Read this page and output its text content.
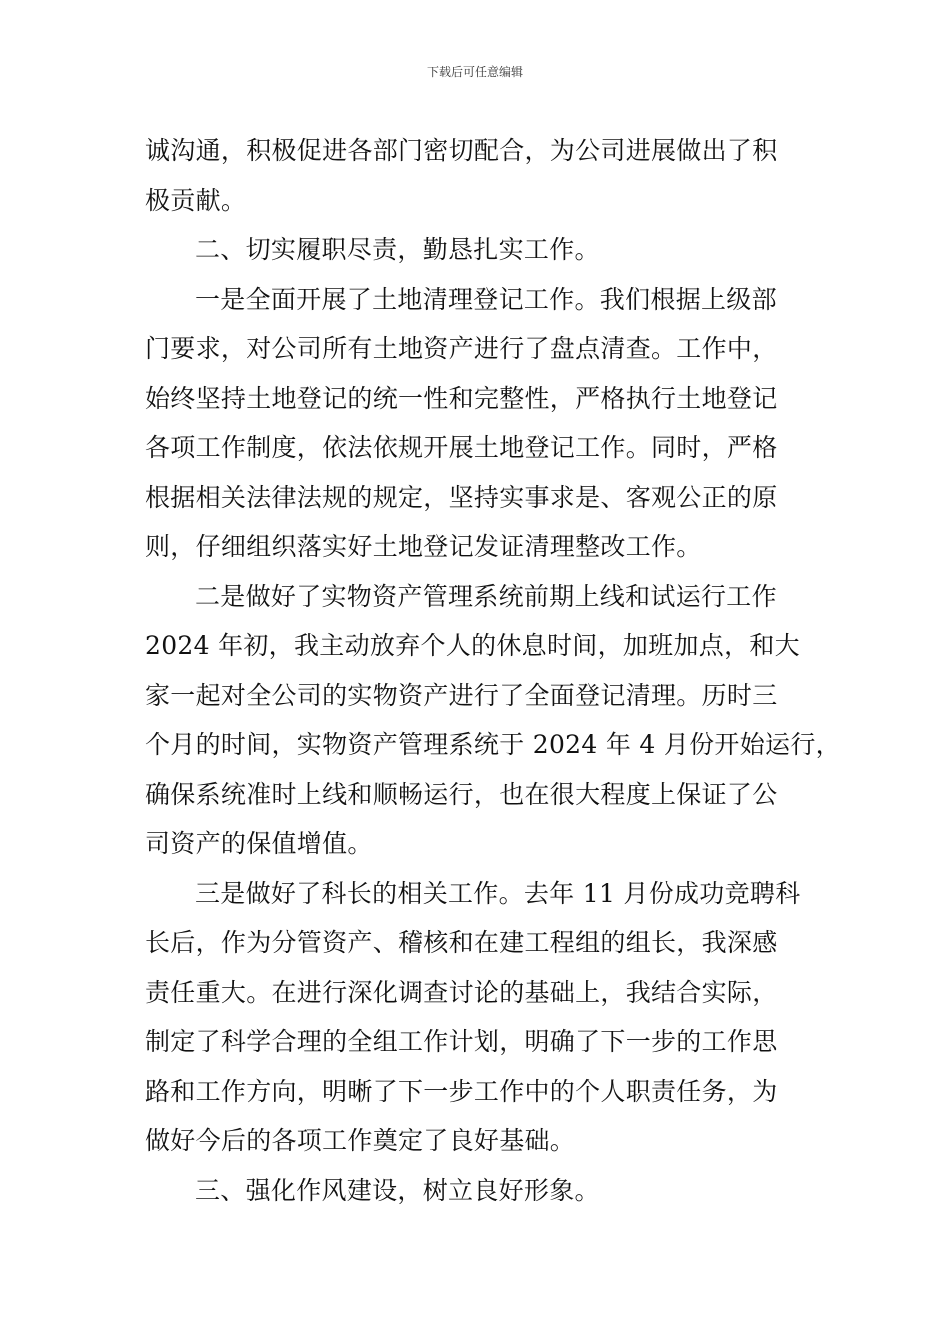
下载后可任意编辑
诚沟通，积极促进各部门密切配合，为公司进展做出了积
极贡献。
二、切实履职尽责，勤恳扎实工作。
一是全面开展了土地清理登记工作。我们根据上级部
门要求，对公司所有土地资产进行了盘点清查。工作中，
始终坚持土地登记的统一性和完整性，严格执行土地登记
各项工作制度，依法依规开展土地登记工作。同时，严格
根据相关法律法规的规定，坚持实事求是、客观公正的原
则，仔细组织落实好土地登记发证清理整改工作。
二是做好了实物资产管理系统前期上线和试运行工作
2024 年初，我主动放弃个人的休息时间，加班加点，和大
家一起对全公司的实物资产进行了全面登记清理。历时三
个月的时间，实物资产管理系统于 2024 年 4 月份开始运行，
确保系统准时上线和顺畅运行，也在很大程度上保证了公
司资产的保值增值。
三是做好了科长的相关工作。去年 11 月份成功竞聘科
长后，作为分管资产、稽核和在建工程组的组长，我深感
责任重大。在进行深化调查讨论的基础上，我结合实际，
制定了科学合理的全组工作计划，明确了下一步的工作思
路和工作方向，明晰了下一步工作中的个人职责任务，为
做好今后的各项工作奠定了良好基础。
三、强化作风建设，树立良好形象。
